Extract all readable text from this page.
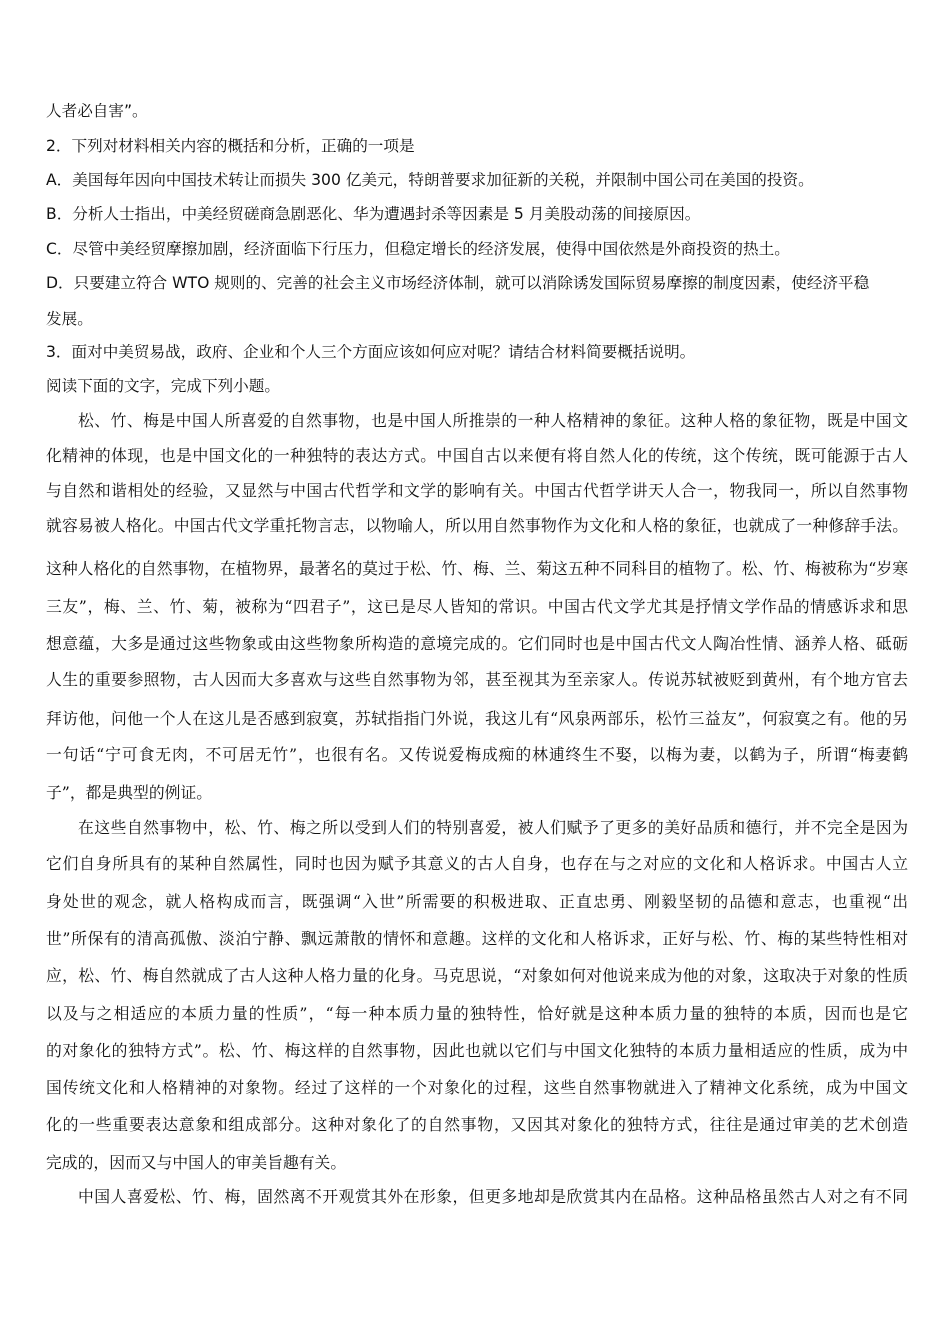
人者必自害”。
2．下列对材料相关内容的概括和分析，正确的一项是
A．美国每年因向中国技术转让而损失 300 亿美元，特朗普要求加征新的关税，并限制中国公司在美国的投资。
B．分析人士指出，中美经贸磋商急剧恶化、华为遭遇封杀等因素是 5 月美股动荡的间接原因。
C．尽管中美经贸摩擦加剧，经济面临下行压力，但稳定增长的经济发展，使得中国依然是外商投资的热土。
D．只要建立符合 WTO 规则的、完善的社会主义市场经济体制，就可以消除诱发国际贸易摩擦的制度因素，使经济平稳
发展。
3．面对中美贸易战，政府、企业和个人三个方面应该如何应对呢？请结合材料简要概括说明。
阅读下面的文字，完成下列小题。
松、竹、梅是中国人所喜爱的自然事物，也是中国人所推崇的一种人格精神的象征。这种人格的象征物，既是中国文
化精神的体现，也是中国文化的一种独特的表达方式。中国自古以来便有将自然人化的传统，这个传统，既可能源于古人
与自然和谐相处的经验，又显然与中国古代哲学和文学的影响有关。中国古代哲学讲天人合一，物我同一，所以自然事物
就容易被人格化。中国古代文学重托物言志，以物喻人，所以用自然事物作为文化和人格的象征，也就成了一种修辞手法。
这种人格化的自然事物，在植物界，最著名的莫过于松、竹、梅、兰、菊这五种不同科目的植物了。松、竹、梅被称为“岁寒
三友”，梅、兰、竹、菊，被称为“四君子”，这已是尽人皆知的常识。中国古代文学尤其是抒情文学作品的情感诉求和思
想意蕴，大多是通过这些物象或由这些物象所构造的意境完成的。它们同时也是中国古代文人陶冶性情、涵养人格、砥砺
人生的重要参照物，古人因而大多喜欢与这些自然事物为邻，甚至视其为至亲家人。传说苏轼被贬到黄州，有个地方官去
拜访他，问他一个人在这儿是否感到寂寞，苏轼指指门外说，我这儿有“风泉两部乐，松竹三益友”，何寂寞之有。他的另
一句话“宁可食无肉，不可居无竹”，也很有名。又传说爱梅成痴的林逋终生不娶，以梅为妻，以鹤为子，所谓“梅妻鹤
子”，都是典型的例证。
在这些自然事物中，松、竹、梅之所以受到人们的特别喜爱，被人们赋予了更多的美好品质和德行，并不完全是因为
它们自身所具有的某种自然属性，同时也因为赋予其意义的古人自身，也存在与之对应的文化和人格诉求。中国古人立
身处世的观念，就人格构成而言，既强调“入世”所需要的积极进取、正直忠勇、刚毅坚韧的品德和意志，也重视“出
世”所保有的清高孤傲、淡泊宁静、飘远萧散的情怀和意趣。这样的文化和人格诉求，正好与松、竹、梅的某些特性相对
应，松、竹、梅自然就成了古人这种人格力量的化身。马克思说，“对象如何对他说来成为他的对象，这取决于对象的性质
以及与之相适应的本质力量的性质”，“每一种本质力量的独特性，恰好就是这种本质力量的独特的本质，因而也是它
的对象化的独特方式”。松、竹、梅这样的自然事物，因此也就以它们与中国文化独特的本质力量相适应的性质，成为中
国传统文化和人格精神的对象物。经过了这样的一个对象化的过程，这些自然事物就进入了精神文化系统，成为中国文
化的一些重要表达意象和组成部分。这种对象化了的自然事物，又因其对象化的独特方式，往往是通过审美的艺术创造
完成的，因而又与中国人的审美旨趣有关。
中国人喜爱松、竹、梅，固然离不开观赏其外在形象，但更多地却是欣赏其内在品格。这种品格虽然古人对之有不同
